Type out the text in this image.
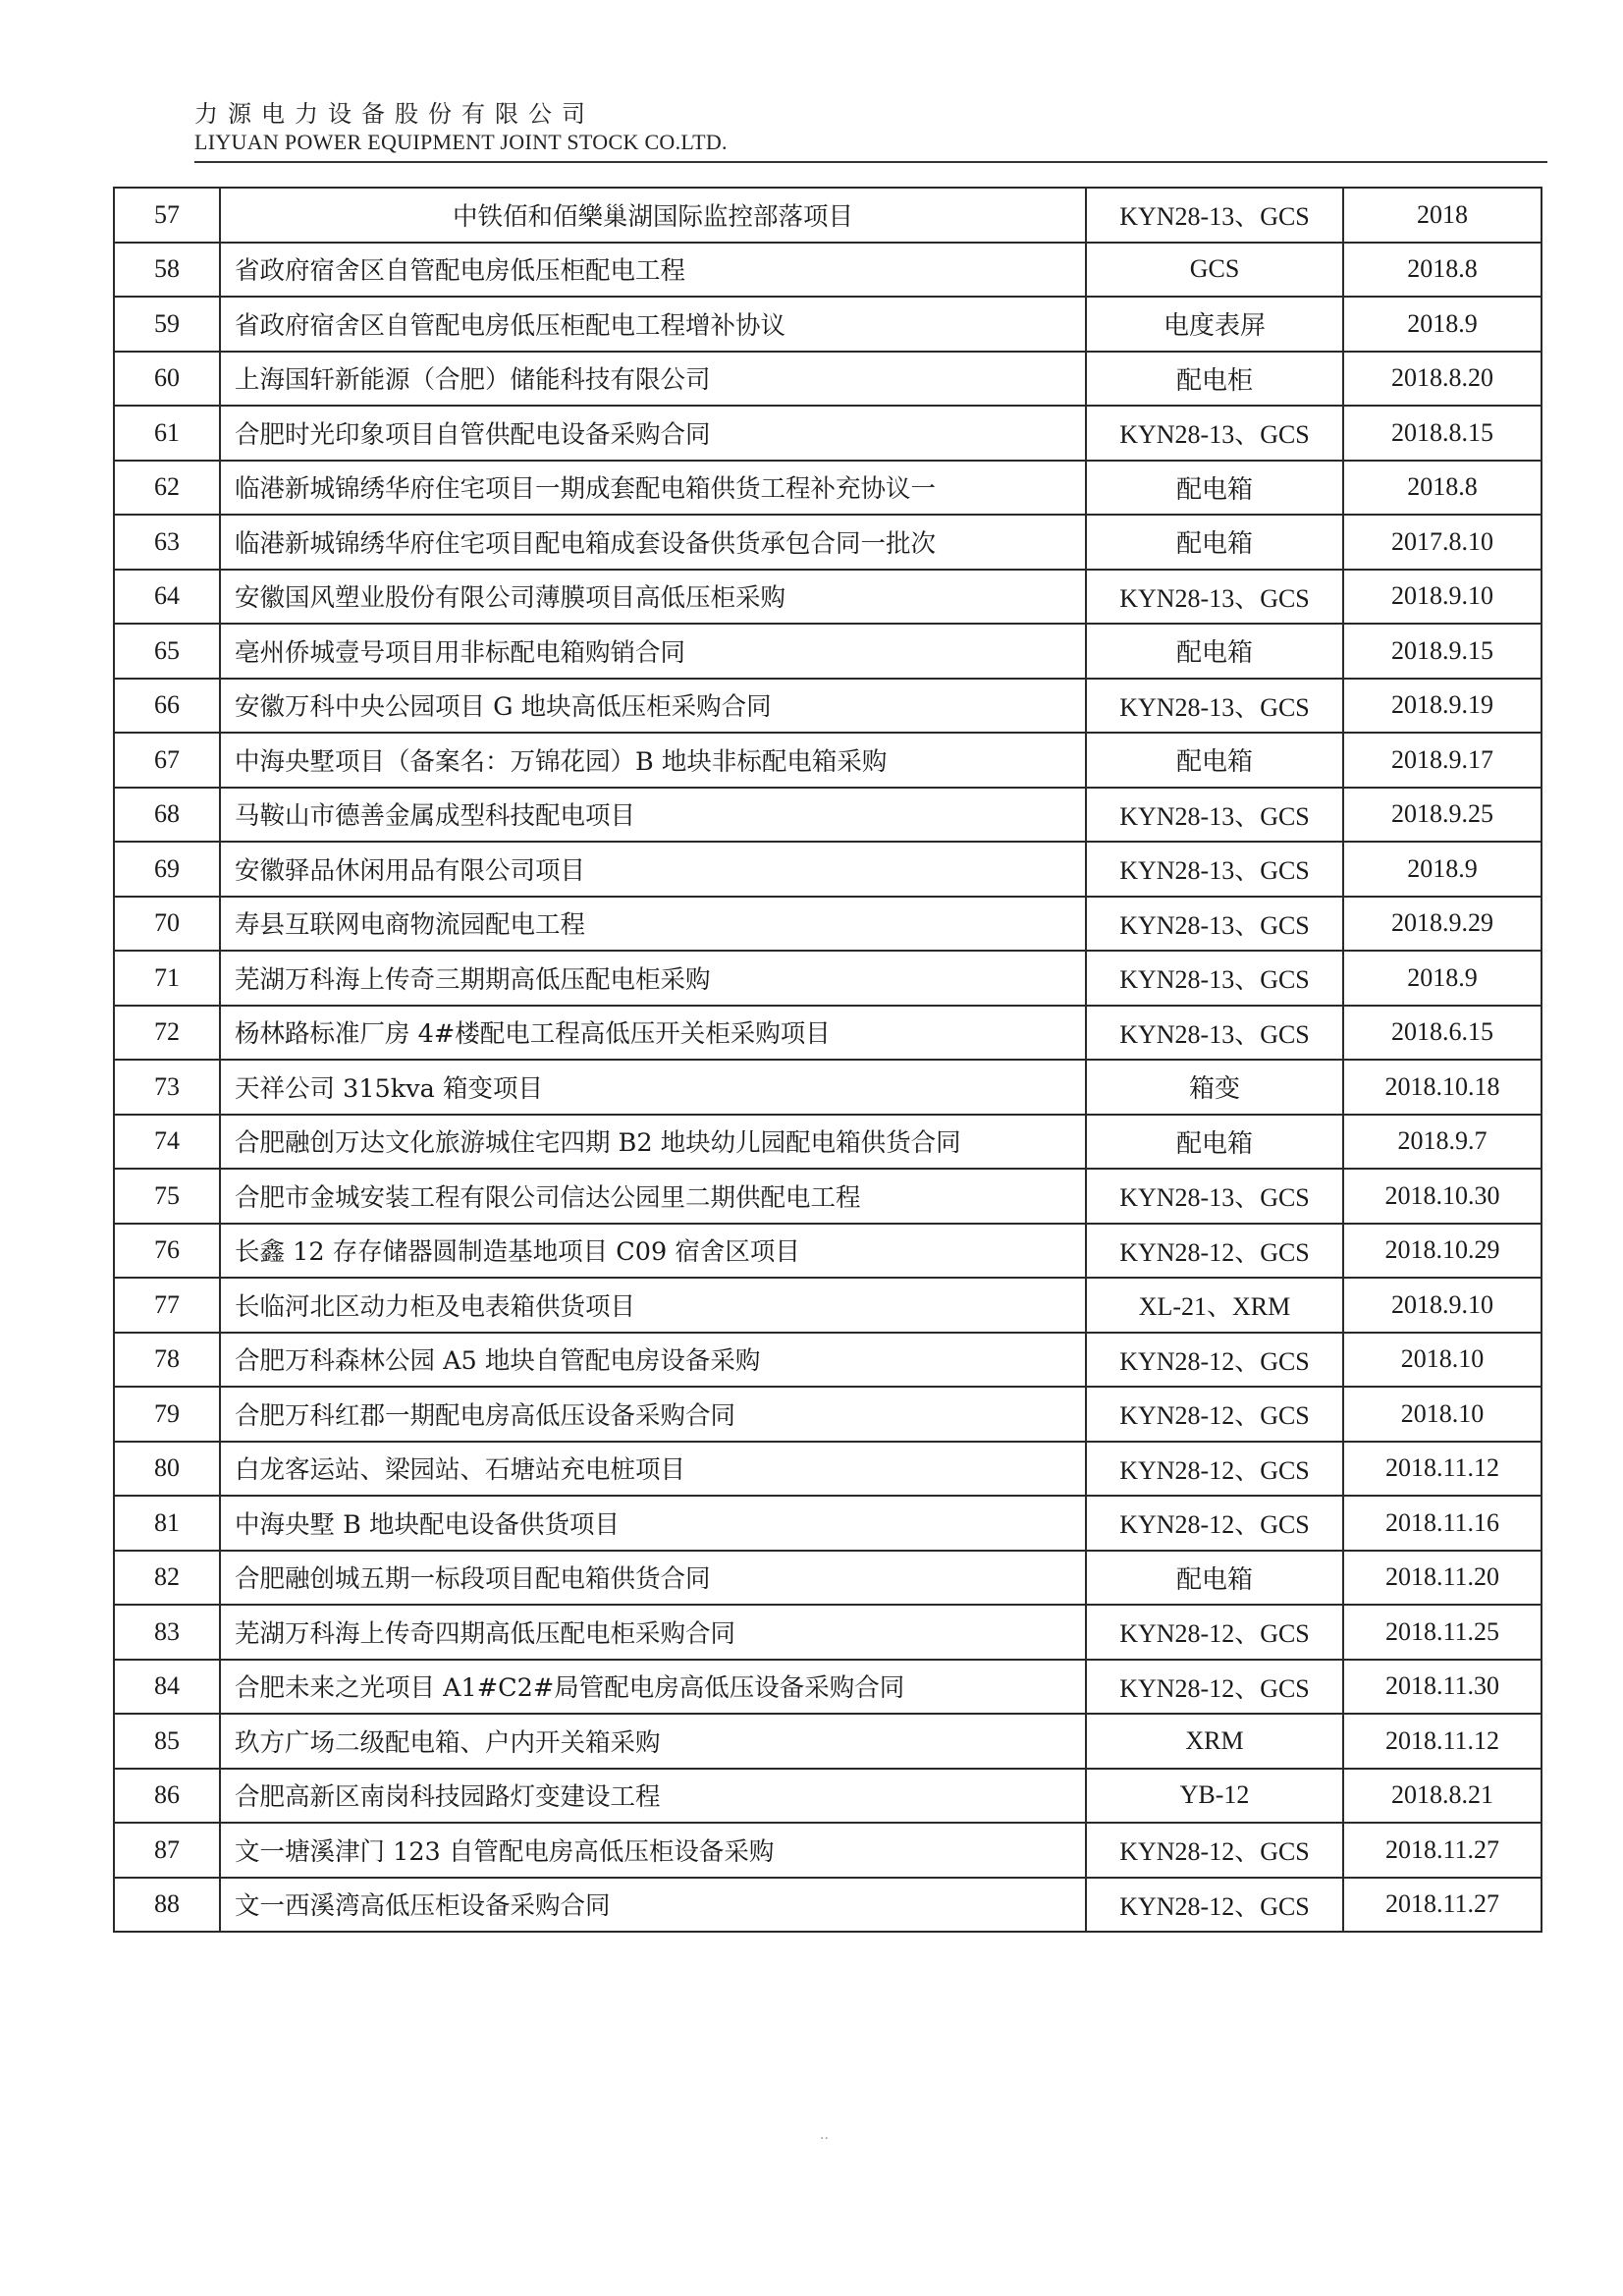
力源电力设备股份有限公司
LIYUAN POWER EQUIPMENT JOINT STOCK CO.LTD.
57	中铁佰和佰樂巢湖国际监控部落项目	KYN28-13、GCS	2018
58	省政府宿舍区自管配电房低压柜配电工程	GCS	2018.8
59	省政府宿舍区自管配电房低压柜配电工程增补协议	电度表屏	2018.9
60	上海国轩新能源（合肥）储能科技有限公司	配电柜	2018.8.20
61	合肥时光印象项目自管供配电设备采购合同	KYN28-13、GCS	2018.8.15
62	临港新城锦绣华府住宅项目一期成套配电箱供货工程补充协议一	配电箱	2018.8
63	临港新城锦绣华府住宅项目配电箱成套设备供货承包合同一批次	配电箱	2017.8.10
64	安徽国风塑业股份有限公司薄膜项目高低压柜采购	KYN28-13、GCS	2018.9.10
65	亳州侨城壹号项目用非标配电箱购销合同	配电箱	2018.9.15
66	安徽万科中央公园项目 G 地块高低压柜采购合同	KYN28-13、GCS	2018.9.19
67	中海央墅项目（备案名：万锦花园）B 地块非标配电箱采购	配电箱	2018.9.17
68	马鞍山市德善金属成型科技配电项目	KYN28-13、GCS	2018.9.25
69	安徽驿品休闲用品有限公司项目	KYN28-13、GCS	2018.9
70	寿县互联网电商物流园配电工程	KYN28-13、GCS	2018.9.29
71	芜湖万科海上传奇三期期高低压配电柜采购	KYN28-13、GCS	2018.9
72	杨林路标准厂房 4#楼配电工程高低压开关柜采购项目	KYN28-13、GCS	2018.6.15
73	天祥公司 315kva 箱变项目	箱变	2018.10.18
74	合肥融创万达文化旅游城住宅四期 B2 地块幼儿园配电箱供货合同	配电箱	2018.9.7
75	合肥市金城安装工程有限公司信达公园里二期供配电工程	KYN28-13、GCS	2018.10.30
76	长鑫 12 存存储器圆制造基地项目 C09 宿舍区项目	KYN28-12、GCS	2018.10.29
77	长临河北区动力柜及电表箱供货项目	XL-21、XRM	2018.9.10
78	合肥万科森林公园 A5 地块自管配电房设备采购	KYN28-12、GCS	2018.10
79	合肥万科红郡一期配电房高低压设备采购合同	KYN28-12、GCS	2018.10
80	白龙客运站、梁园站、石塘站充电桩项目	KYN28-12、GCS	2018.11.12
81	中海央墅 B 地块配电设备供货项目	KYN28-12、GCS	2018.11.16
82	合肥融创城五期一标段项目配电箱供货合同	配电箱	2018.11.20
83	芜湖万科海上传奇四期高低压配电柜采购合同	KYN28-12、GCS	2018.11.25
84	合肥未来之光项目 A1#C2#局管配电房高低压设备采购合同	KYN28-12、GCS	2018.11.30
85	玖方广场二级配电箱、户内开关箱采购	XRM	2018.11.12
86	合肥高新区南岗科技园路灯变建设工程	YB-12	2018.8.21
87	文一塘溪津门 123 自管配电房高低压柜设备采购	KYN28-12、GCS	2018.11.27
88	文一西溪湾高低压柜设备采购合同	KYN28-12、GCS	2018.11.27
··
